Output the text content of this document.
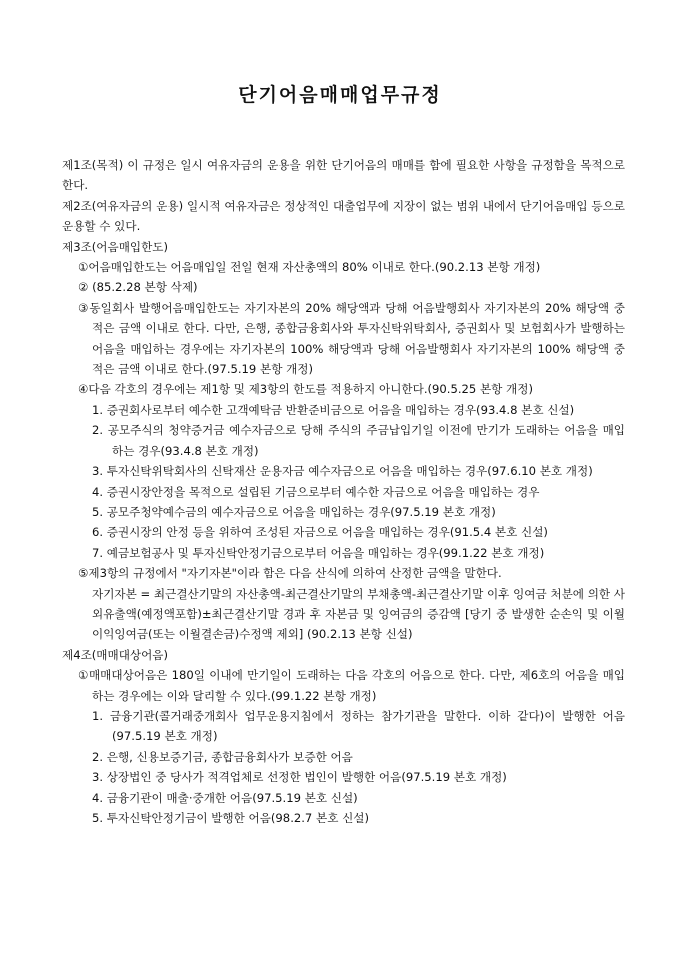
단기어음매매업무규정

제1조(목적) 이 규정은 일시 여유자금의 운용을 위한 단기어음의 매매를 함에 필요한 사항을 규정함을 목적으로 한다.

제2조(여유자금의 운용) 일시적 여유자금은 정상적인 대출업무에 지장이 없는 범위 내에서 단기어음매입 등으로 운용할 수 있다.

제3조(어음매입한도)

①어음매입한도는 어음매입일 전일 현재 자산총액의 80% 이내로 한다.(90.2.13 본항 개정)

② (85.2.28 본항 삭제)

③동일회사 발행어음매입한도는 자기자본의 20% 해당액과 당해 어음발행회사 자기자본의 20% 해당액 중 적은 금액 이내로 한다. 다만, 은행, 종합금융회사와 투자신탁위탁회사, 증권회사 및 보험회사가 발행하는 어음을 매입하는 경우에는 자기자본의 100% 해당액과 당해 어음발행회사 자기자본의 100% 해당액 중 적은 금액 이내로 한다.(97.5.19 본항 개정)

④다음 각호의 경우에는 제1항 및 제3항의 한도를 적용하지 아니한다.(90.5.25 본항 개정)

1. 증권회사로부터 예수한 고객예탁금 반환준비금으로 어음을 매입하는 경우(93.4.8 본호 신설)

2. 공모주식의 청약증거금 예수자금으로 당해 주식의 주금납입기일 이전에 만기가 도래하는 어음을 매입하는 경우(93.4.8 본호 개정)

3. 투자신탁위탁회사의 신탁재산 운용자금 예수자금으로 어음을 매입하는 경우(97.6.10 본호 개정)

4. 증권시장안정을 목적으로 설립된 기금으로부터 예수한 자금으로 어음을 매입하는 경우

5. 공모주청약예수금의 예수자금으로 어음을 매입하는 경우(97.5.19 본호 개정)

6. 증권시장의 안정 등을 위하여 조성된 자금으로 어음을 매입하는 경우(91.5.4 본호 신설)

7. 예금보험공사 및 투자신탁안정기금으로부터 어음을 매입하는 경우(99.1.22 본호 개정)

⑤제3항의 규정에서 "자기자본"이라 함은 다음 산식에 의하여 산정한 금액을 말한다.

자기자본 = 최근결산기말의 자산총액-최근결산기말의 부채총액-최근결산기말 이후 잉여금 처분에 의한 사외유출액(예정액포함)±최근결산기말 경과 후 자본금 및 잉여금의 증감액 [당기 중 발생한 순손익 및 이월이익잉여금(또는 이월결손금)수정액 제외] (90.2.13 본항 신설)

제4조(매매대상어음)

①매매대상어음은 180일 이내에 만기일이 도래하는 다음 각호의 어음으로 한다. 다만, 제6호의 어음을 매입하는 경우에는 이와 달리할 수 있다.(99.1.22 본항 개정)

1. 금융기관(콜거래중개회사 업무운용지침에서 정하는 참가기관을 말한다. 이하 같다)이 발행한 어음(97.5.19 본호 개정)

2. 은행, 신용보증기금, 종합금융회사가 보증한 어음

3. 상장법인 중 당사가 적격업체로 선정한 법인이 발행한 어음(97.5.19 본호 개정)

4. 금융기관이 매출·중개한 어음(97.5.19 본호 신설)

5. 투자신탁안정기금이 발행한 어음(98.2.7 본호 신설)
